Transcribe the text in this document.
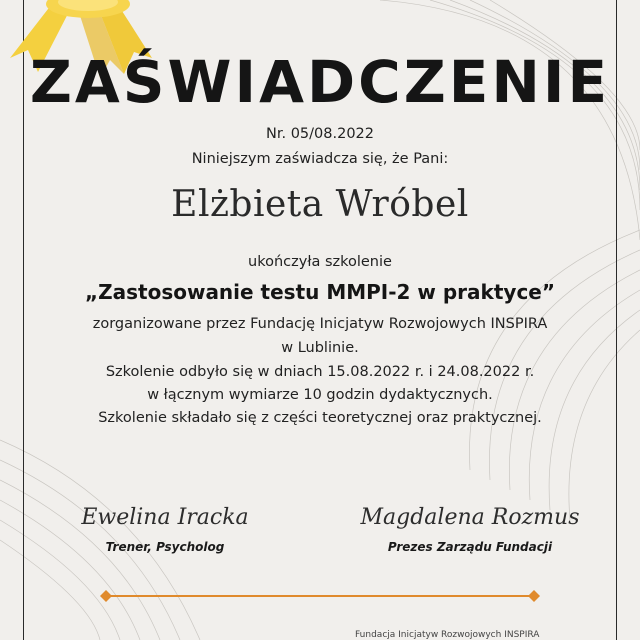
ZAŚWIADCZENIE
Nr. 05/08.2022
Niniejszym zaświadcza się, że Pani:
Elżbieta Wróbel
ukończyła szkolenie
„Zastosowanie testu MMPI-2 w praktyce”
zorganizowane przez Fundację Inicjatyw Rozwojowych INSPIRA
w Lublinie.
Szkolenie odbyło się w dniach 15.08.2022 r. i 24.08.2022 r.
w łącznym wymiarze 10 godzin dydaktycznych.
Szkolenie składało się z części teoretycznej oraz praktycznej.
Ewelina Iracka
Trener, Psycholog
Magdalena Rozmus
Prezes Zarządu Fundacji
Fundacja Inicjatyw Rozwojowych INSPIRA
